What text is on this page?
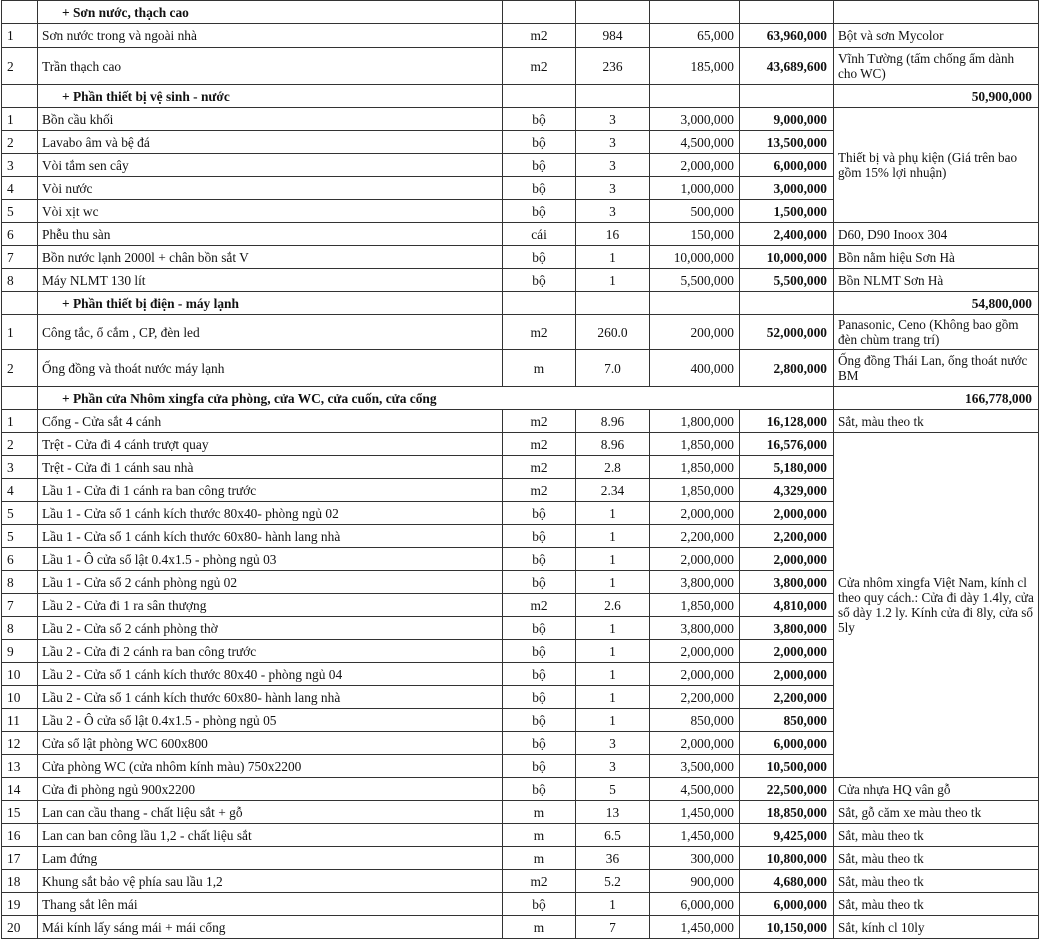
	+ Sơn nước, thạch cao					
1	Sơn nước trong và ngoài nhà	m2	984	65,000	63,960,000	Bột và sơn Mycolor
2	Trần thạch cao	m2	236	185,000	43,689,600	Vĩnh Tường (tấm chống ẩm dành cho WC)
	+ Phần thiết bị vệ sinh - nước					50,900,000
1	Bồn cầu khối	bộ	3	3,000,000	9,000,000	Thiết bị và phụ kiện (Giá trên bao gồm 15% lợi nhuận)
2	Lavabo âm và bệ đá	bộ	3	4,500,000	13,500,000	
3	Vòi tắm sen cây	bộ	3	2,000,000	6,000,000	
4	Vòi nước	bộ	3	1,000,000	3,000,000	
5	Vòi xịt wc	bộ	3	500,000	1,500,000	
6	Phễu thu sàn	cái	16	150,000	2,400,000	D60, D90 Inoox 304
7	Bồn nước lạnh 2000l + chân bồn sắt V	bộ	1	10,000,000	10,000,000	Bồn nằm hiệu Sơn Hà
8	Máy NLMT 130 lít	bộ	1	5,500,000	5,500,000	Bồn NLMT Sơn Hà
	+ Phần thiết bị điện - máy lạnh					54,800,000
1	Công tắc, ổ cắm , CP, đèn led	m2	260.0	200,000	52,000,000	Panasonic, Ceno (Không bao gồm đèn chùm trang trí)
2	Ống đồng và thoát nước máy lạnh	m	7.0	400,000	2,800,000	Ống đồng Thái Lan, ống thoát nước BM
	+ Phần cửa Nhôm xingfa cửa phòng, cửa WC, cửa cuốn, cửa cổng					166,778,000
1	Cổng - Cửa sắt 4 cánh	m2	8.96	1,800,000	16,128,000	Sắt, màu theo tk
2	Trệt - Cửa đi 4 cánh trượt quay	m2	8.96	1,850,000	16,576,000	Cửa nhôm xingfa Việt Nam, kính cl theo quy cách.: Cửa đi dày 1.4ly, cửa sổ dày 1.2 ly. Kính cửa đi 8ly, cửa sổ 5ly
3	Trệt - Cửa đi 1 cánh sau nhà	m2	2.8	1,850,000	5,180,000	
4	Lầu 1 - Cửa đi 1 cánh ra ban công trước	m2	2.34	1,850,000	4,329,000	
5	Lầu 1 - Cửa sổ 1 cánh kích thước 80x40- phòng ngủ 02	bộ	1	2,000,000	2,000,000	
5	Lầu 1 - Cửa sổ 1 cánh kích thước 60x80- hành lang nhà	bộ	1	2,200,000	2,200,000	
6	Lầu 1 - Ô cửa sổ lật 0.4x1.5 - phòng ngủ 03	bộ	1	2,000,000	2,000,000	
8	Lầu 1 - Cửa sổ 2 cánh phòng ngủ 02	bộ	1	3,800,000	3,800,000	
7	Lầu 2 - Cửa đi 1 ra sân thượng	m2	2.6	1,850,000	4,810,000	
8	Lầu 2 - Cửa sổ 2 cánh phòng thờ	bộ	1	3,800,000	3,800,000	
9	Lầu 2 - Cửa đi 2 cánh ra ban công trước	bộ	1	2,000,000	2,000,000	
10	Lầu 2 - Cửa sổ 1 cánh kích thước 80x40 - phòng ngủ 04	bộ	1	2,000,000	2,000,000	
10	Lầu 2 - Cửa sổ 1 cánh kích thước 60x80- hành lang nhà	bộ	1	2,200,000	2,200,000	
11	Lầu 2 - Ô cửa sổ lật 0.4x1.5 - phòng ngủ 05	bộ	1	850,000	850,000	
12	Cửa sổ lật phòng WC 600x800	bộ	3	2,000,000	6,000,000	
13	Cửa phòng WC (cửa nhôm kính màu) 750x2200	bộ	3	3,500,000	10,500,000	
14	Cửa đi phòng ngủ 900x2200	bộ	5	4,500,000	22,500,000	Cửa nhựa HQ vân gỗ
15	Lan can cầu thang - chất liệu sắt + gỗ	m	13	1,450,000	18,850,000	Sắt, gỗ căm xe màu theo tk
16	Lan can ban công lầu 1,2 - chất liệu sắt	m	6.5	1,450,000	9,425,000	Sắt, màu theo tk
17	Lam đứng	m	36	300,000	10,800,000	Sắt, màu theo tk
18	Khung sắt bảo vệ phía sau lầu 1,2	m2	5.2	900,000	4,680,000	Sắt, màu theo tk
19	Thang sắt lên mái	bộ	1	6,000,000	6,000,000	Sắt, màu theo tk
20	Mái kính lấy sáng mái + mái cổng	m	7	1,450,000	10,150,000	Sắt, kính cl 10ly
